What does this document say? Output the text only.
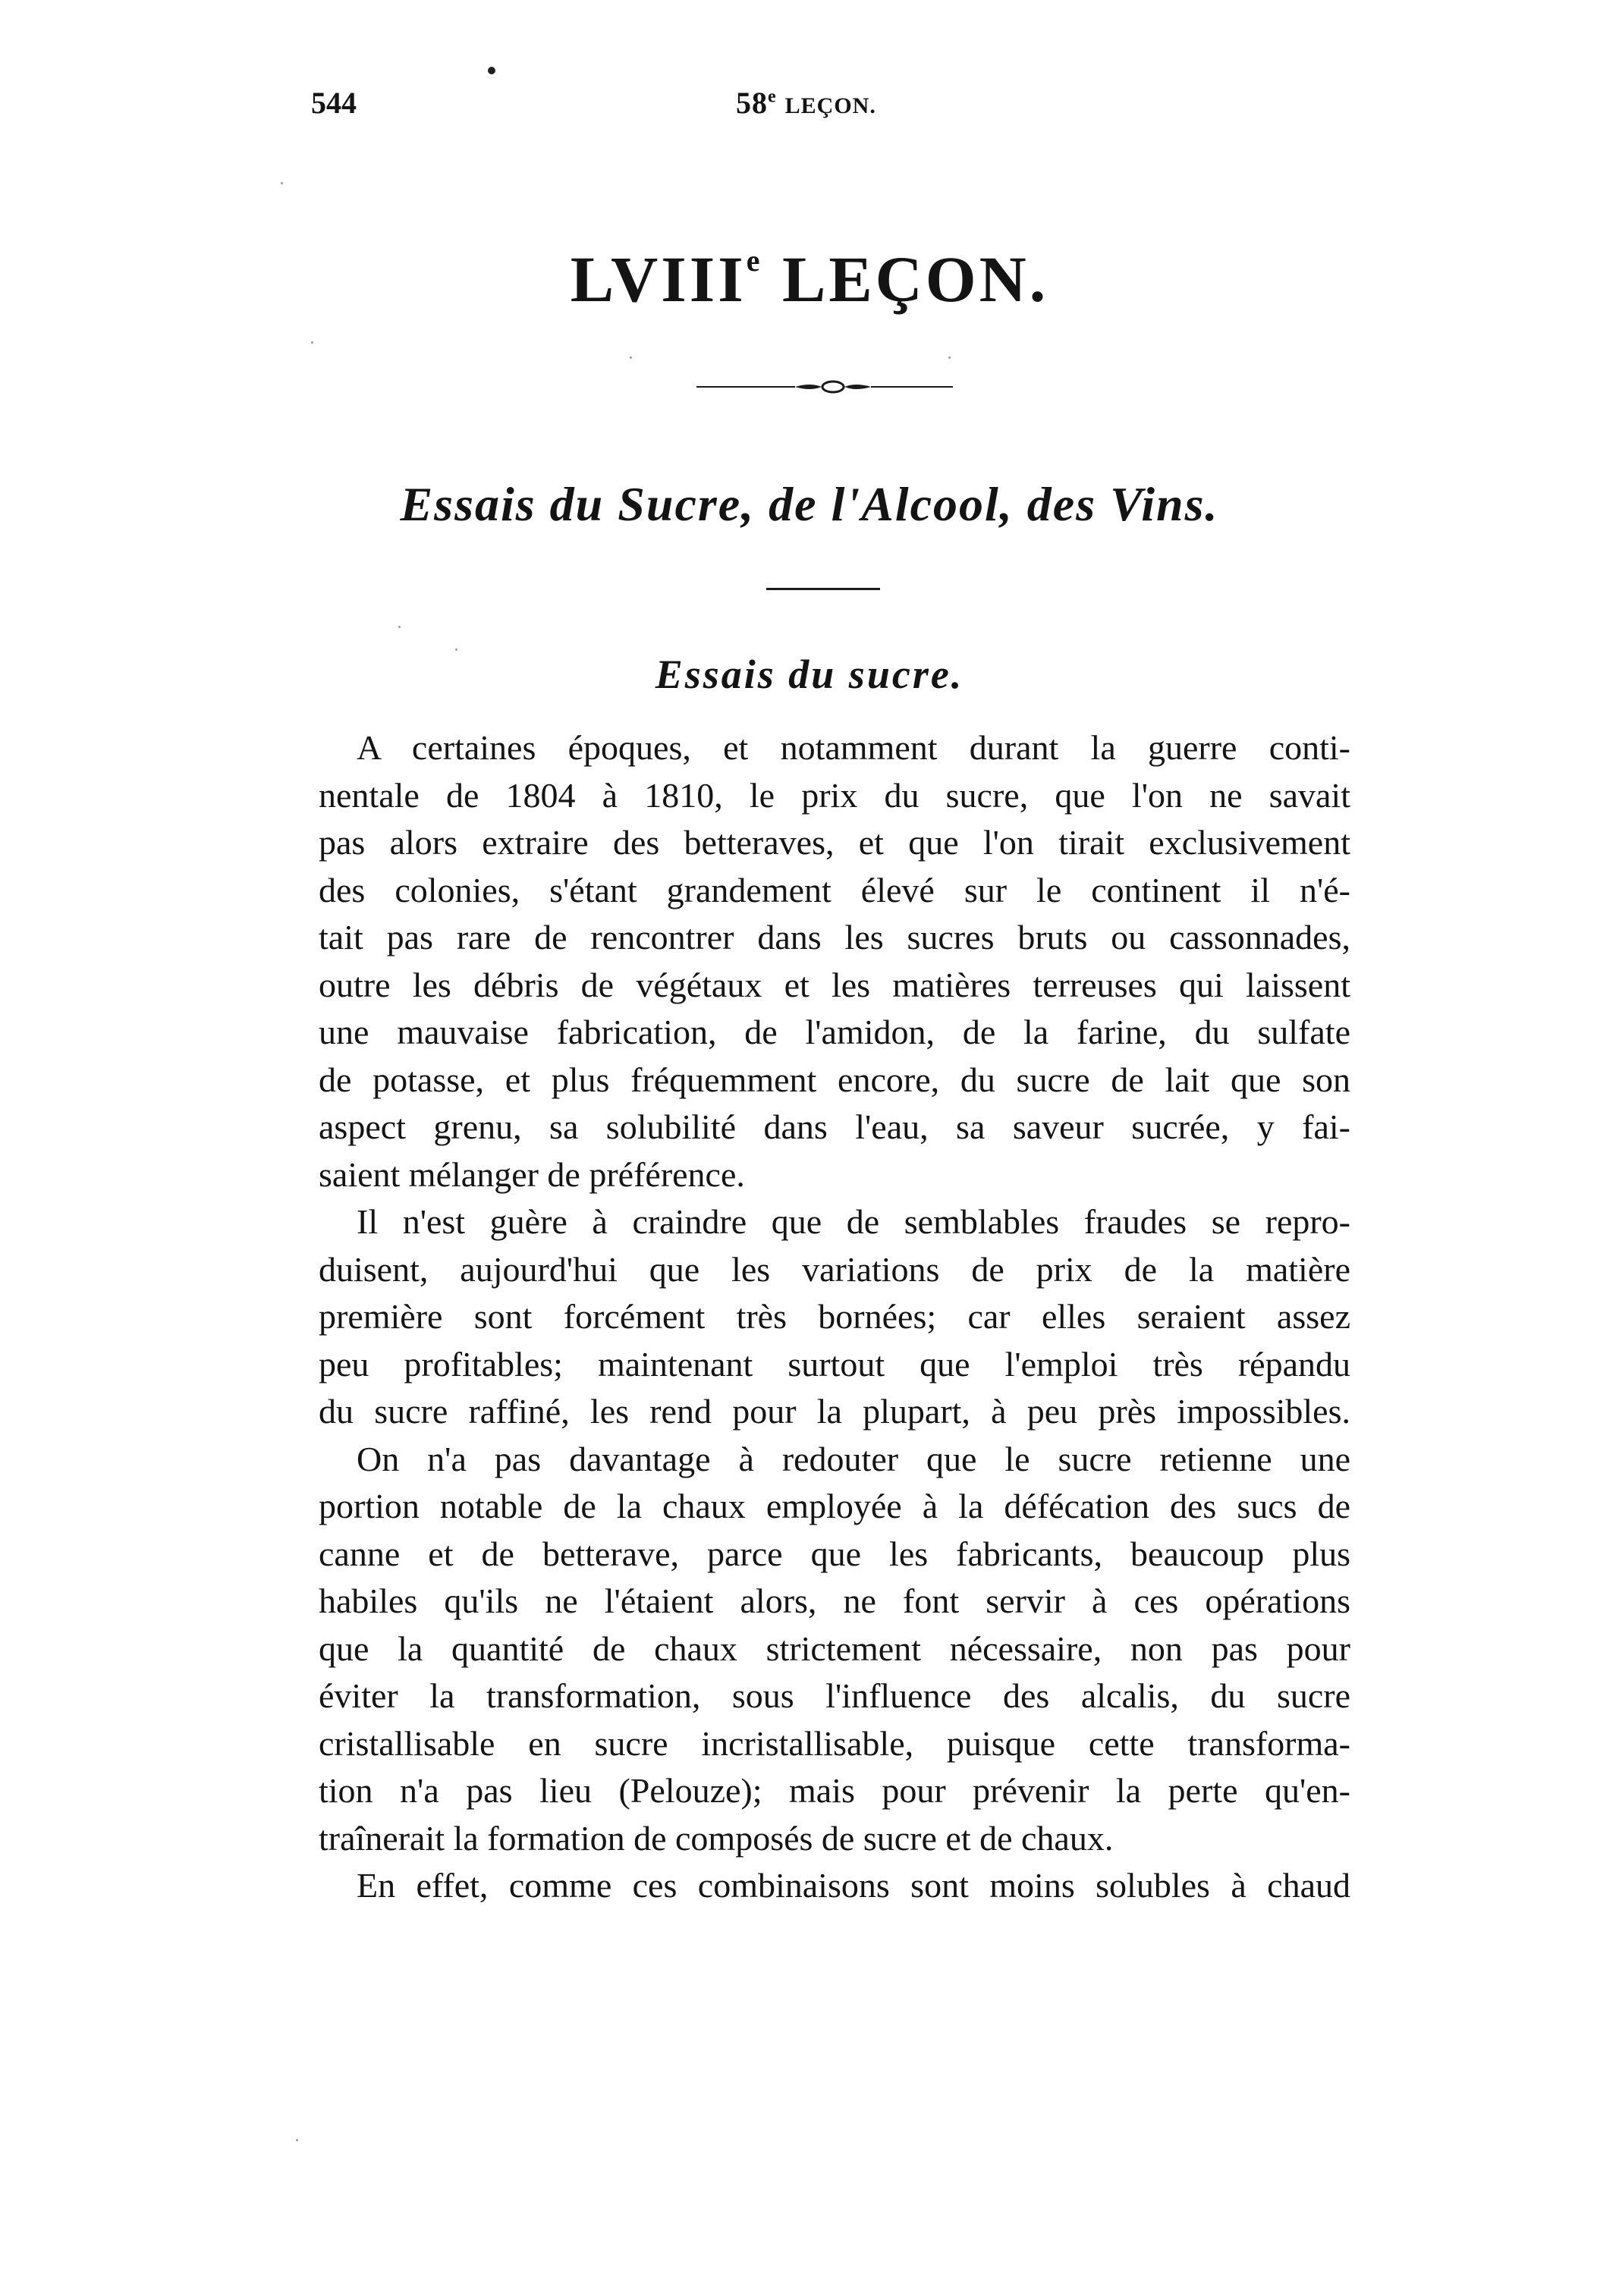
544	58e LEÇON.
LVIIIe LEÇON.
Essais du Sucre, de l'Alcool, des Vins.
Essais du sucre.
A certaines époques, et notamment durant la guerre conti-
nentale de 1804 à 1810, le prix du sucre, que l'on ne savait
pas alors extraire des betteraves, et que l'on tirait exclusivement
des colonies, s'étant grandement élevé sur le continent il n'é-
tait pas rare de rencontrer dans les sucres bruts ou cassonnades,
outre les débris de végétaux et les matières terreuses qui laissent
une mauvaise fabrication, de l'amidon, de la farine, du sulfate
de potasse, et plus fréquemment encore, du sucre de lait que son
aspect grenu, sa solubilité dans l'eau, sa saveur sucrée, y fai-
saient mélanger de préférence.
Il n'est guère à craindre que de semblables fraudes se repro-
duisent, aujourd'hui que les variations de prix de la matière
première sont forcément très bornées; car elles seraient assez
peu profitables; maintenant surtout que l'emploi très répandu
du sucre raffiné, les rend pour la plupart, à peu près impossibles.
On n'a pas davantage à redouter que le sucre retienne une
portion notable de la chaux employée à la défécation des sucs de
canne et de betterave, parce que les fabricants, beaucoup plus
habiles qu'ils ne l'étaient alors, ne font servir à ces opérations
que la quantité de chaux strictement nécessaire, non pas pour
éviter la transformation, sous l'influence des alcalis, du sucre
cristallisable en sucre incristallisable, puisque cette transforma-
tion n'a pas lieu (Pelouze); mais pour prévenir la perte qu'en-
traînerait la formation de composés de sucre et de chaux.
En effet, comme ces combinaisons sont moins solubles à chaud
